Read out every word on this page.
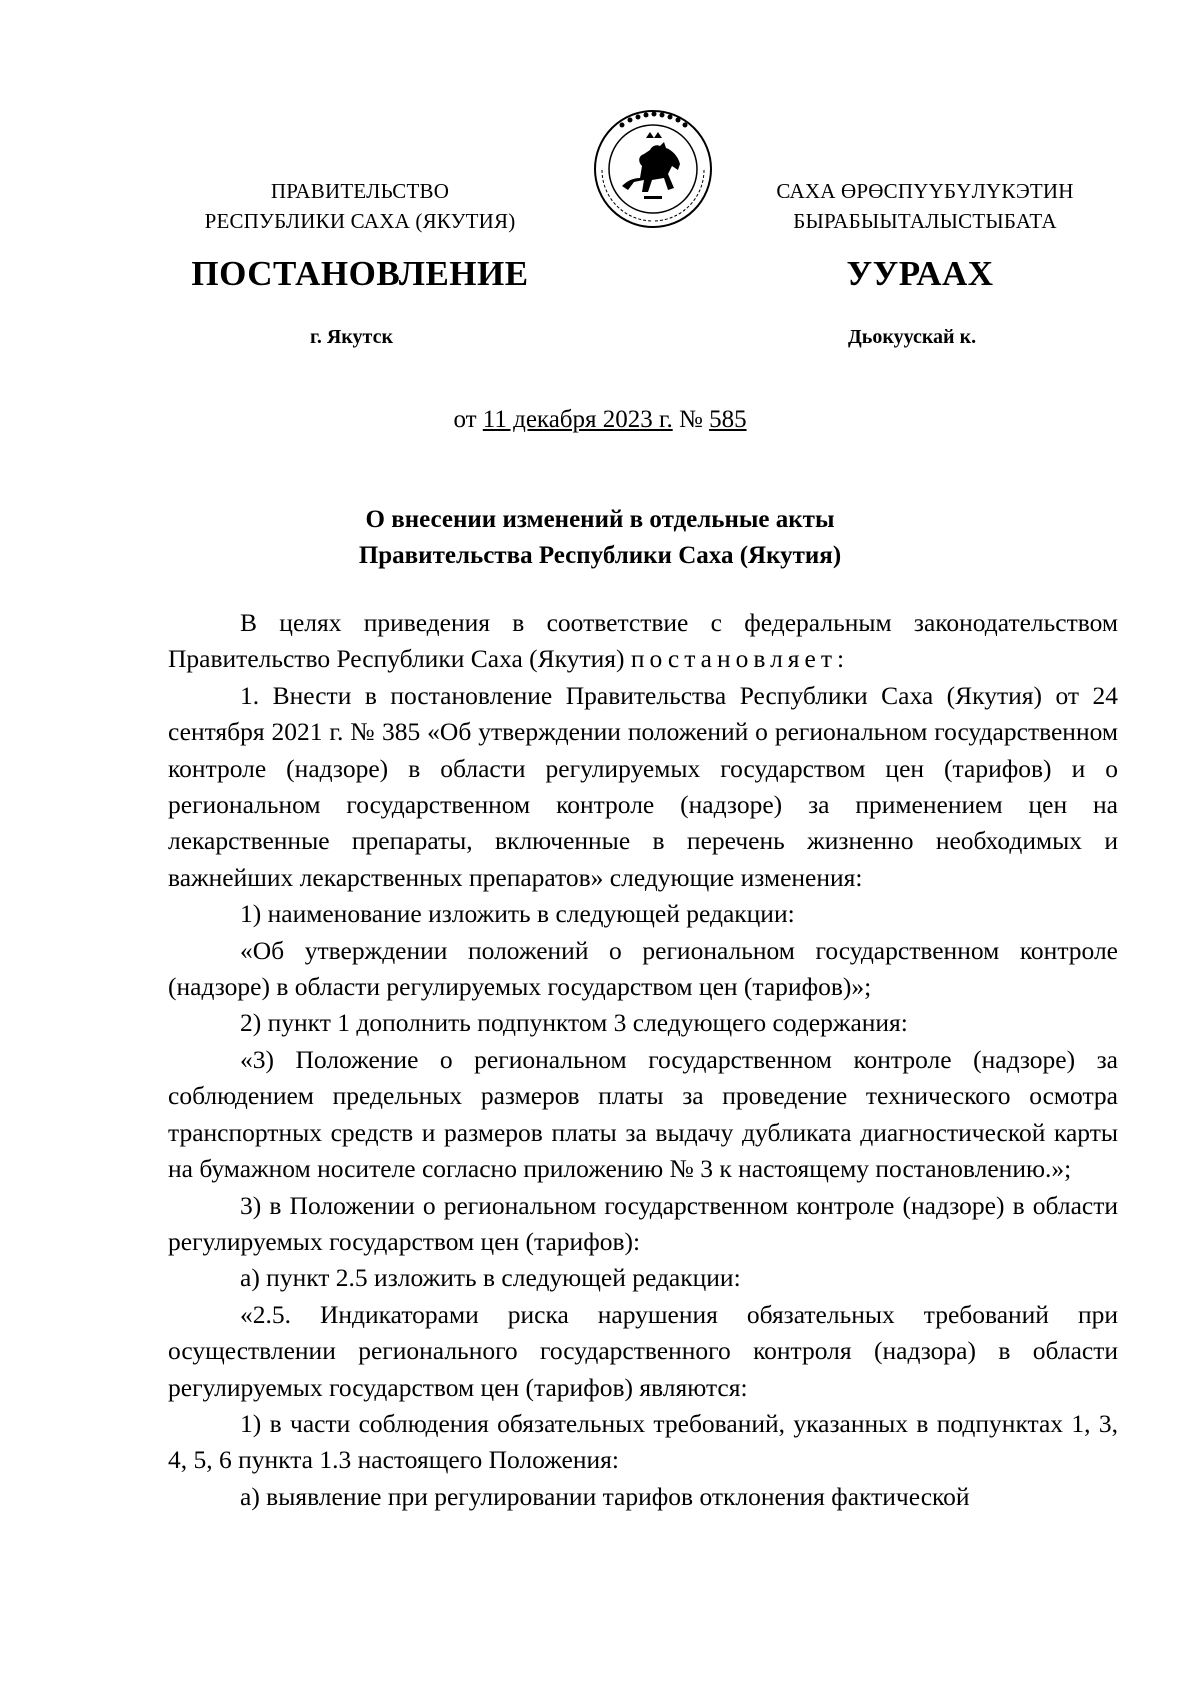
ПРАВИТЕЛЬСТВО
РЕСПУБЛИКИ САХА (ЯКУТИЯ)
САХА ӨРӨСПҮҮБҮЛҮКЭТИН
БЫРАБЫЫТАЛЫСТЫБАТА
ПОСТАНОВЛЕНИЕ	УУРААХ
г. Якутск	Дьокуускай к.
от 11 декабря 2023 г. № 585
О внесении изменений в отдельные акты
Правительства Республики Саха (Якутия)

В целях приведения в соответствие с федеральным законодательством Правительство Республики Саха (Якутия) постановляет:

1. Внести в постановление Правительства Республики Саха (Якутия) от 24 сентября 2021 г. № 385 «Об утверждении положений о региональном государственном контроле (надзоре) в области регулируемых государством цен (тарифов) и о региональном государственном контроле (надзоре) за применением цен на лекарственные препараты, включенные в перечень жизненно необходимых и важнейших лекарственных препаратов» следующие изменения:

1) наименование изложить в следующей редакции:

«Об утверждении положений о региональном государственном контроле (надзоре) в области регулируемых государством цен (тарифов)»;

2) пункт 1 дополнить подпунктом 3 следующего содержания:

«3) Положение о региональном государственном контроле (надзоре) за соблюдением предельных размеров платы за проведение технического осмотра транспортных средств и размеров платы за выдачу дубликата диагностической карты на бумажном носителе согласно приложению № 3 к настоящему постановлению.»;

3) в Положении о региональном государственном контроле (надзоре) в области регулируемых государством цен (тарифов):

а) пункт 2.5 изложить в следующей редакции:

«2.5. Индикаторами риска нарушения обязательных требований при осуществлении регионального государственного контроля (надзора) в области регулируемых государством цен (тарифов) являются:

1) в части соблюдения обязательных требований, указанных в подпунктах 1, 3, 4, 5, 6 пункта 1.3 настоящего Положения:

а) выявление при регулировании тарифов отклонения фактической
